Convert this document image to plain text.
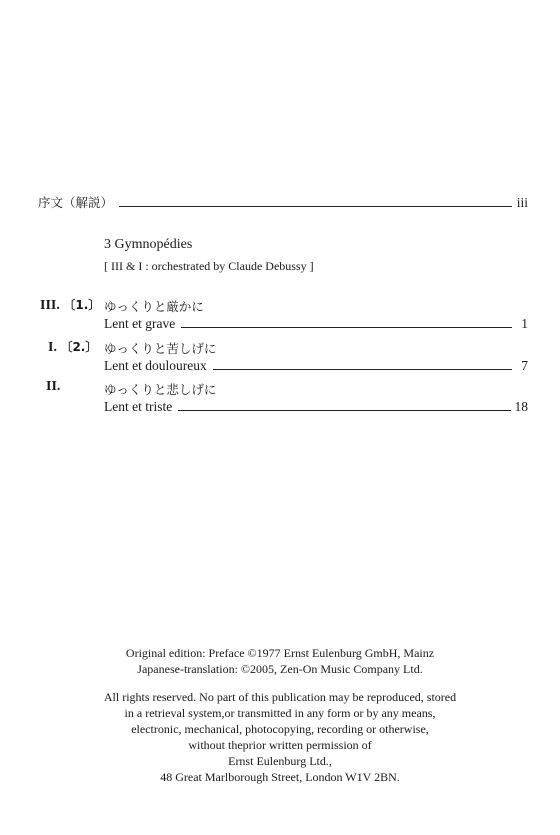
序文（解説）	iii
3 Gymnopédies
[ III & I : orchestrated by Claude Debussy ]
III. 〔1.〕 ゆっくりと厳かに
Lent et grave	1
I. 〔2.〕 ゆっくりと苦しげに
Lent et douloureux	7
II.	ゆっくりと悲しげに
Lent et triste	18
Original edition: Preface ©1977 Ernst Eulenburg GmbH, Mainz
Japanese-translation: ©2005, Zen-On Music Company Ltd.
All rights reserved. No part of this publication may be reproduced, stored
in a retrieval system,or transmitted in any form or by any means,
electronic, mechanical, photocopying, recording or otherwise,
without theprior written permission of
Ernst Eulenburg Ltd.,
48 Great Marlborough Street, London W1V 2BN.
